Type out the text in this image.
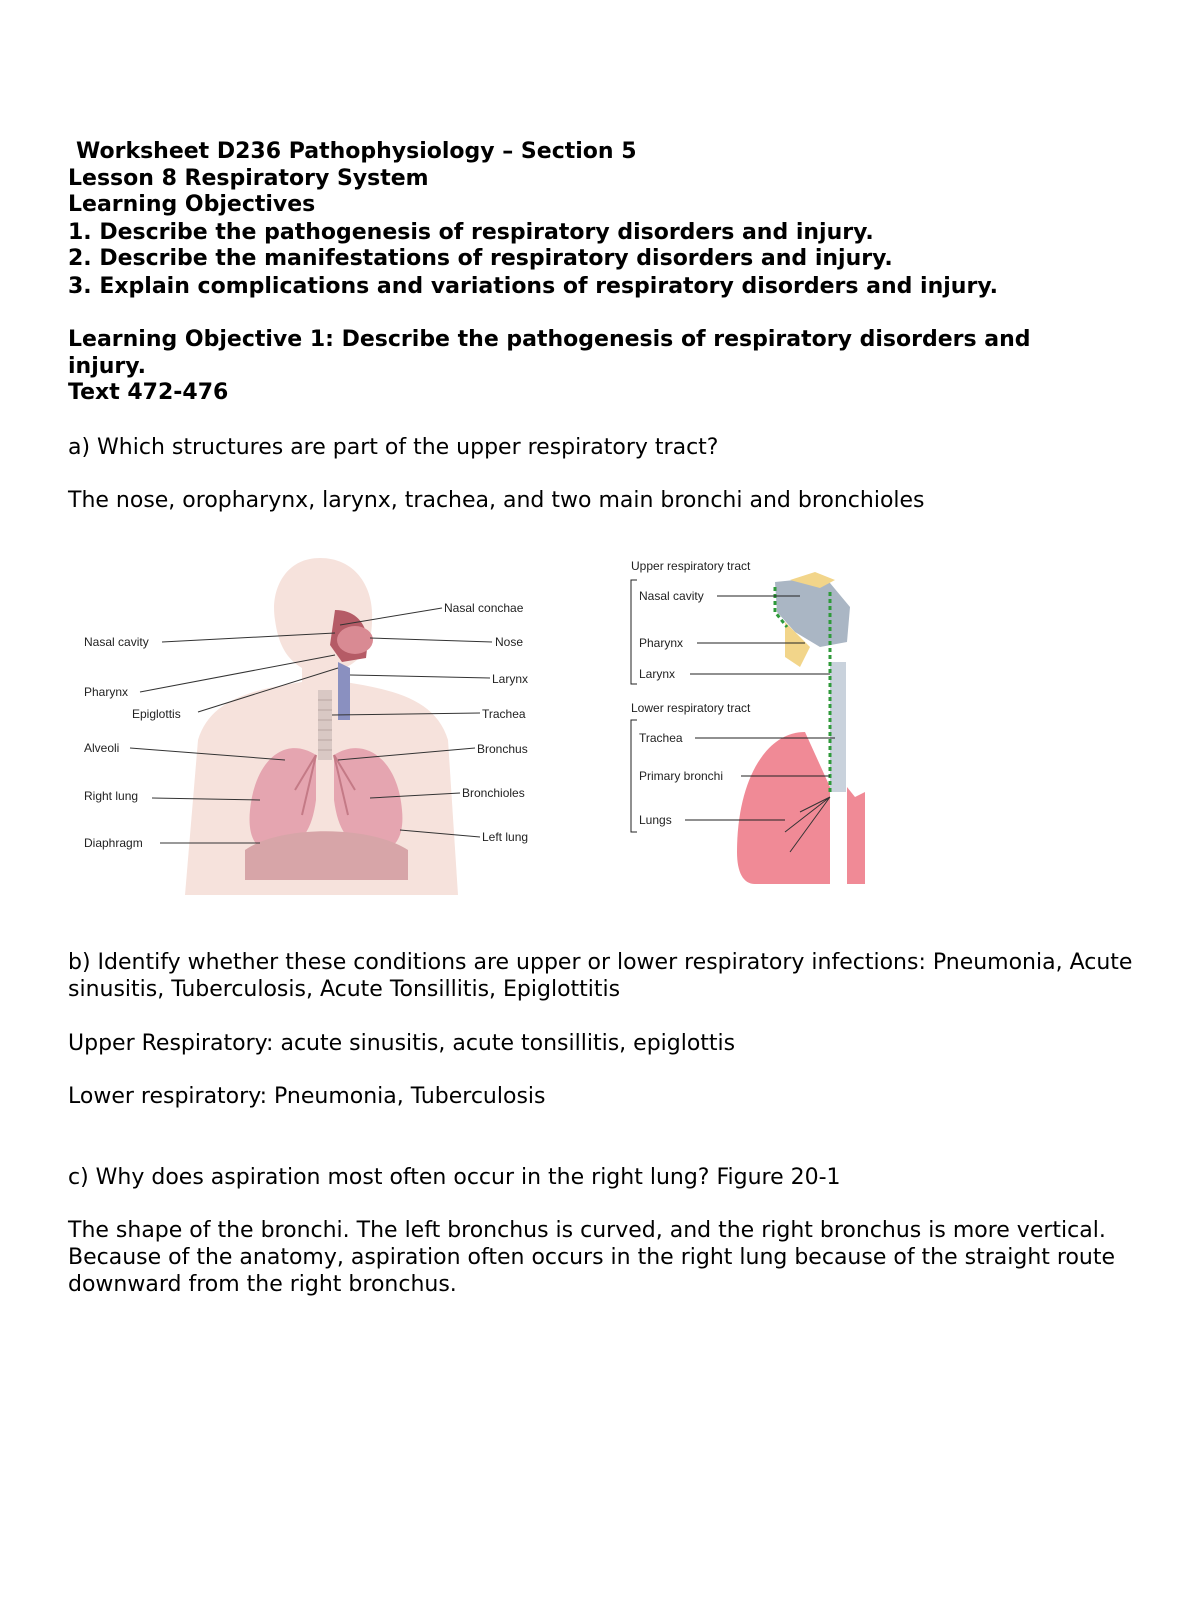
Worksheet D236 Pathophysiology – Section 5
Lesson 8 Respiratory System
Learning Objectives
1. Describe the pathogenesis of respiratory disorders and injury.
2. Describe the manifestations of respiratory disorders and injury.
3. Explain complications and variations of respiratory disorders and injury.
Learning Objective 1: Describe the pathogenesis of respiratory disorders and
injury.
Text 472-476
a) Which structures are part of the upper respiratory tract?
The nose, oropharynx, larynx, trachea, and two main bronchi and bronchioles
Nasal cavity
Pharynx
Epiglottis
Alveoli
Right lung
Diaphragm
Nasal conchae
Nose
Larynx
Trachea
Bronchus
Bronchioles
Left lung
Upper respiratory tract
Nasal cavity
Pharynx
Larynx
Lower respiratory tract
Trachea
Primary bronchi
Lungs
b) Identify whether these conditions are upper or lower respiratory infections: Pneumonia, Acute sinusitis, Tuberculosis, Acute Tonsillitis, Epiglottitis
Upper Respiratory: acute sinusitis, acute tonsillitis, epiglottis
Lower respiratory: Pneumonia, Tuberculosis
c) Why does aspiration most often occur in the right lung? Figure 20-1
The shape of the bronchi. The left bronchus is curved, and the right bronchus is more vertical. Because of the anatomy, aspiration often occurs in the right lung because of the straight route downward from the right bronchus.
